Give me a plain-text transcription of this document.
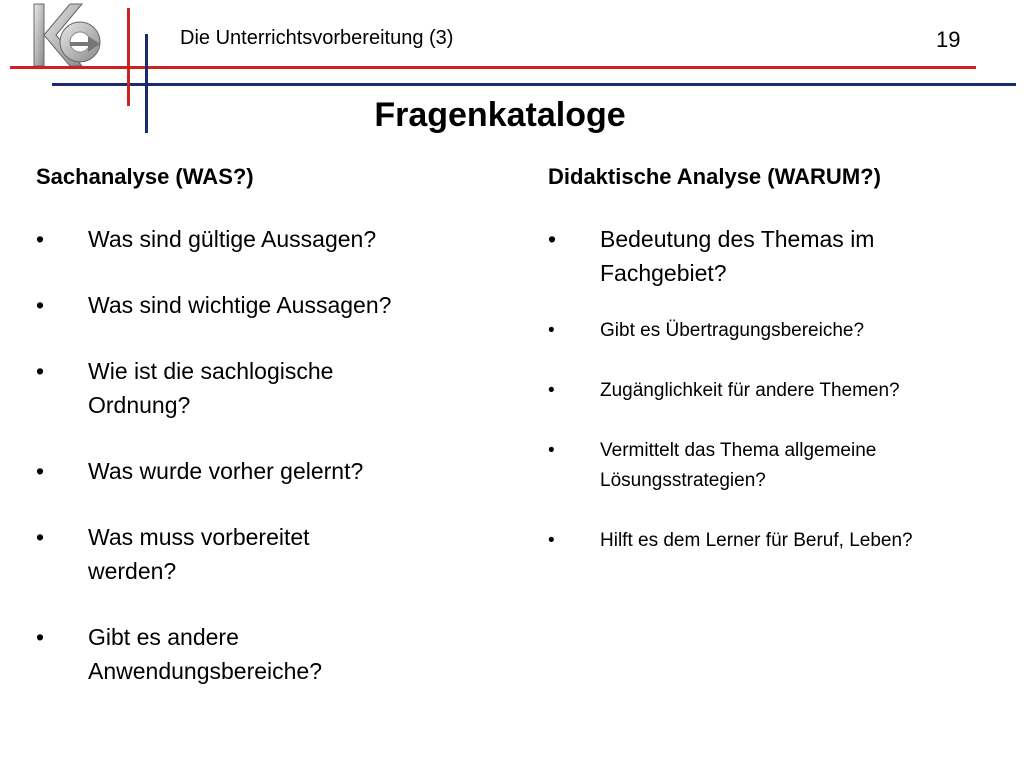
Die Unterrichtsvorbereitung (3)	19
Fragenkataloge
Sachanalyse (WAS?)
• Was sind gültige Aussagen?
• Was sind wichtige Aussagen?
• Wie ist die sachlogische Ordnung?
• Was wurde vorher gelernt?
• Was muss vorbereitet werden?
• Gibt es andere Anwendungsbereiche?
Didaktische Analyse (WARUM?)
• Bedeutung des Themas im Fachgebiet?
• Gibt es Übertragungsbereiche?
• Zugänglichkeit für andere Themen?
• Vermittelt das Thema allgemeine Lösungsstrategien?
• Hilft es dem Lerner für Beruf, Leben?
